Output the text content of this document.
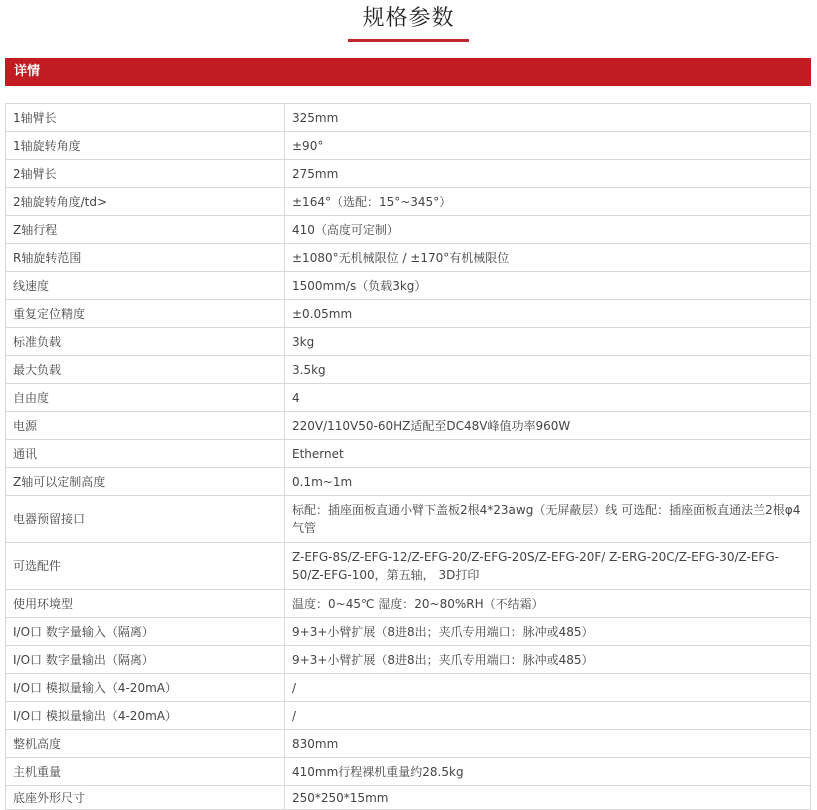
规格参数
详情
1轴臂长	325mm
1轴旋转角度	±90°
2轴臂长	275mm
2轴旋转角度/td>	±164°（选配：15°~345°）
Z轴行程	410（高度可定制）
R轴旋转范围	±1080°无机械限位 / ±170°有机械限位
线速度	1500mm/s（负载3kg）
重复定位精度	±0.05mm
标准负载	3kg
最大负载	3.5kg
自由度	4
电源	220V/110V50-60HZ适配至DC48V峰值功率960W
通讯	Ethernet
Z轴可以定制高度	0.1m~1m
电器预留接口	标配：插座面板直通小臂下盖板2根4*23awg（无屏蔽层）线 可选配：插座面板直通法兰2根φ4气管
可选配件	Z-EFG-8S/Z-EFG-12/Z-EFG-20/Z-EFG-20S/Z-EFG-20F/ Z-ERG-20C/Z-EFG-30/Z-EFG-50/Z-EFG-100，第五轴， 3D打印
使用环境型	温度：0~45℃ 湿度：20~80%RH（不结霜）
I/O口 数字量输入（隔离）	9+3+小臂扩展（8进8出；夹爪专用端口：脉冲或485）
I/O口 数字量输出（隔离）	9+3+小臂扩展（8进8出；夹爪专用端口：脉冲或485）
I/O口 模拟量输入（4-20mA）	/
I/O口 模拟量输出（4-20mA）	/
整机高度	830mm
主机重量	410mm行程裸机重量约28.5kg
底座外形尺寸	250*250*15mm
